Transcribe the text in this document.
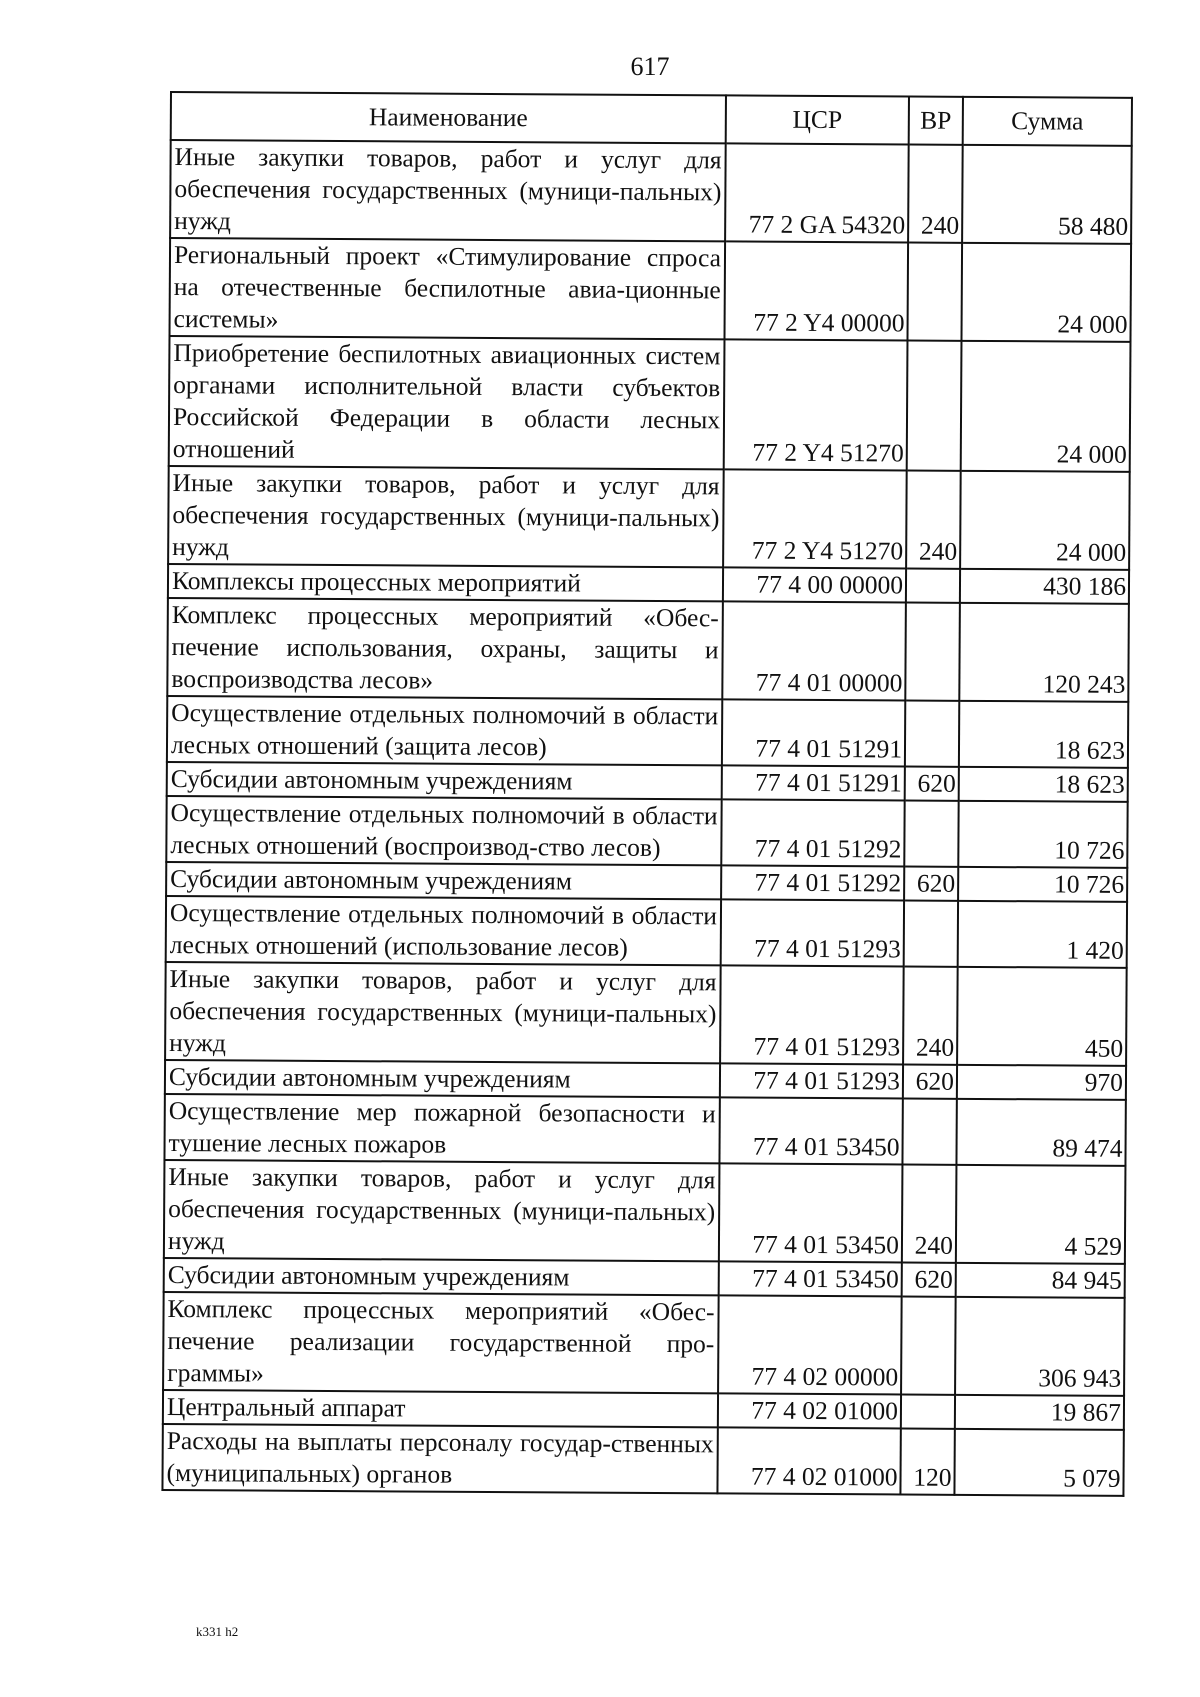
617
Наименование	ЦСР	ВР	Сумма
Иные закупки товаров, работ и услуг для обеспечения государственных (муници-пальных) нужд	77 2 GA 54320	240	58 480
Региональный проект «Стимулирование спроса на отечественные беспилотные авиа-ционные системы»	77 2 Y4 00000		24 000
Приобретение беспилотных авиационных систем органами исполнительной власти субъектов Российской Федерации в области лесных отношений	77 2 Y4 51270		24 000
Иные закупки товаров, работ и услуг для обеспечения государственных (муници-пальных) нужд	77 2 Y4 51270	240	24 000
Комплексы процессных мероприятий	77 4 00 00000		430 186
Комплекс процессных мероприятий «Обес-печение использования, охраны, защиты и воспроизводства лесов»	77 4 01 00000		120 243
Осуществление отдельных полномочий в области лесных отношений (защита лесов)	77 4 01 51291		18 623
Субсидии автономным учреждениям	77 4 01 51291	620	18 623
Осуществление отдельных полномочий в области лесных отношений (воспроизвод-ство лесов)	77 4 01 51292		10 726
Субсидии автономным учреждениям	77 4 01 51292	620	10 726
Осуществление отдельных полномочий в области лесных отношений (использование лесов)	77 4 01 51293		1 420
Иные закупки товаров, работ и услуг для обеспечения государственных (муници-пальных) нужд	77 4 01 51293	240	450
Субсидии автономным учреждениям	77 4 01 51293	620	970
Осуществление мер пожарной безопасности и тушение лесных пожаров	77 4 01 53450		89 474
Иные закупки товаров, работ и услуг для обеспечения государственных (муници-пальных) нужд	77 4 01 53450	240	4 529
Субсидии автономным учреждениям	77 4 01 53450	620	84 945
Комплекс процессных мероприятий «Обес-печение реализации государственной про-граммы»	77 4 02 00000		306 943
Центральный аппарат	77 4 02 01000		19 867
Расходы на выплаты персоналу государ-ственных (муниципальных) органов	77 4 02 01000	120	5 079
k331 h2
